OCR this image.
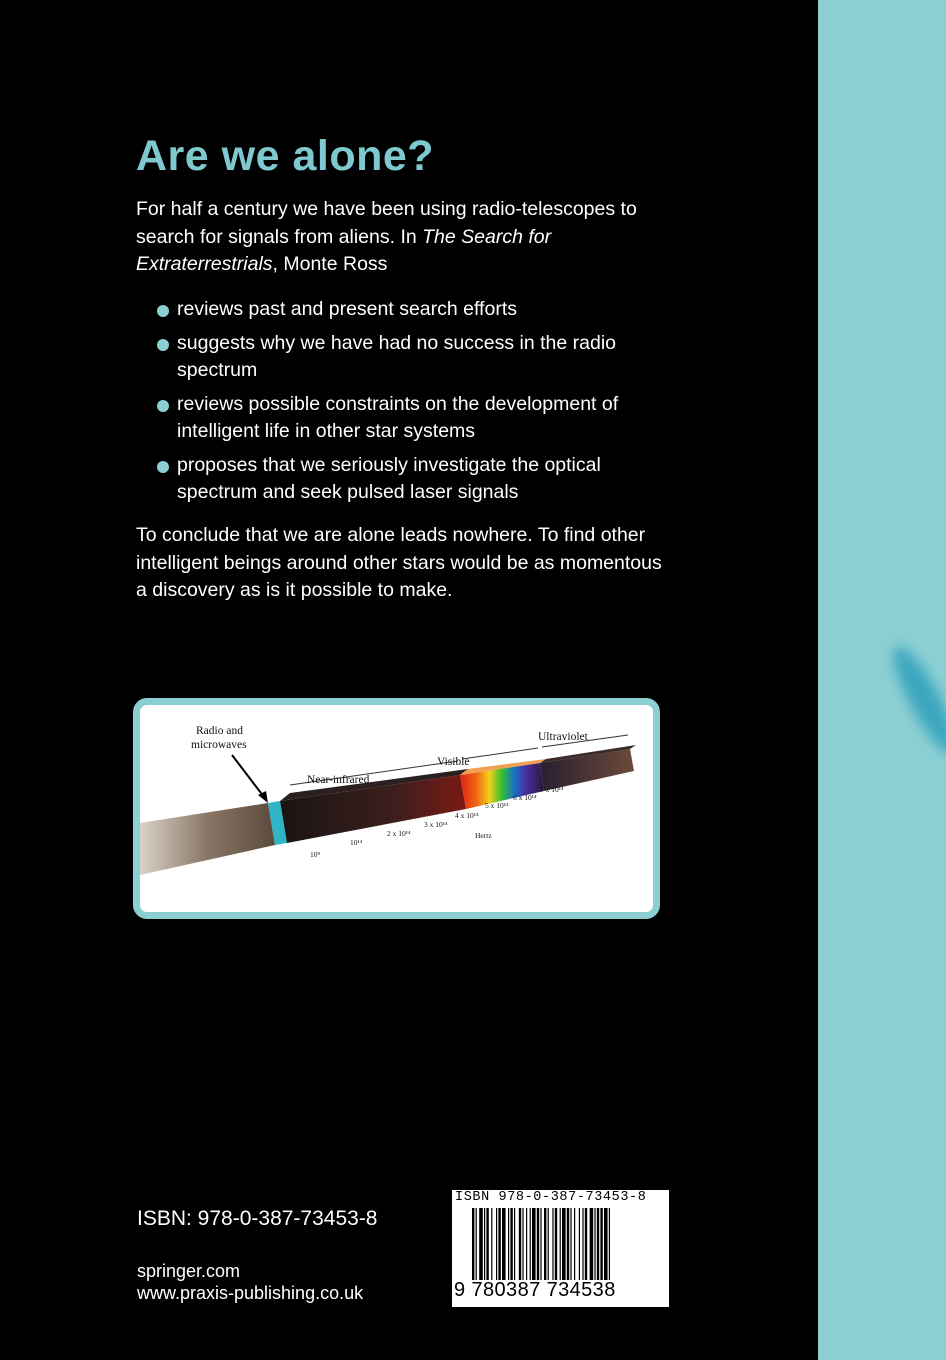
Are we alone?

For half a century we have been using radio-telescopes to search for signals from aliens. In The Search for Extraterrestrials, Monte Ross

reviews past and present search efforts
suggests why we have had no success in the radio spectrum
reviews possible constraints on the development of intelligent life in other star systems
proposes that we seriously investigate the optical spectrum and seek pulsed laser signals

To conclude that we are alone leads nowhere. To find other intelligent beings around other stars would be as momentous a discovery as is it possible to make.

Radio and
microwaves
Near-infrared
Visible
Ultraviolet
10⁹
10¹⁴
2 x 10¹⁴
3 x 10¹⁴
4 x 10¹⁴
5 x 10¹⁴
6 x 10¹⁴
7 x 10¹⁴
Hertz
ISBN: 978-0-387-73453-8
springer.com
www.praxis-publishing.co.uk
ISBN 978-0-387-73453-8
9 780387 734538
